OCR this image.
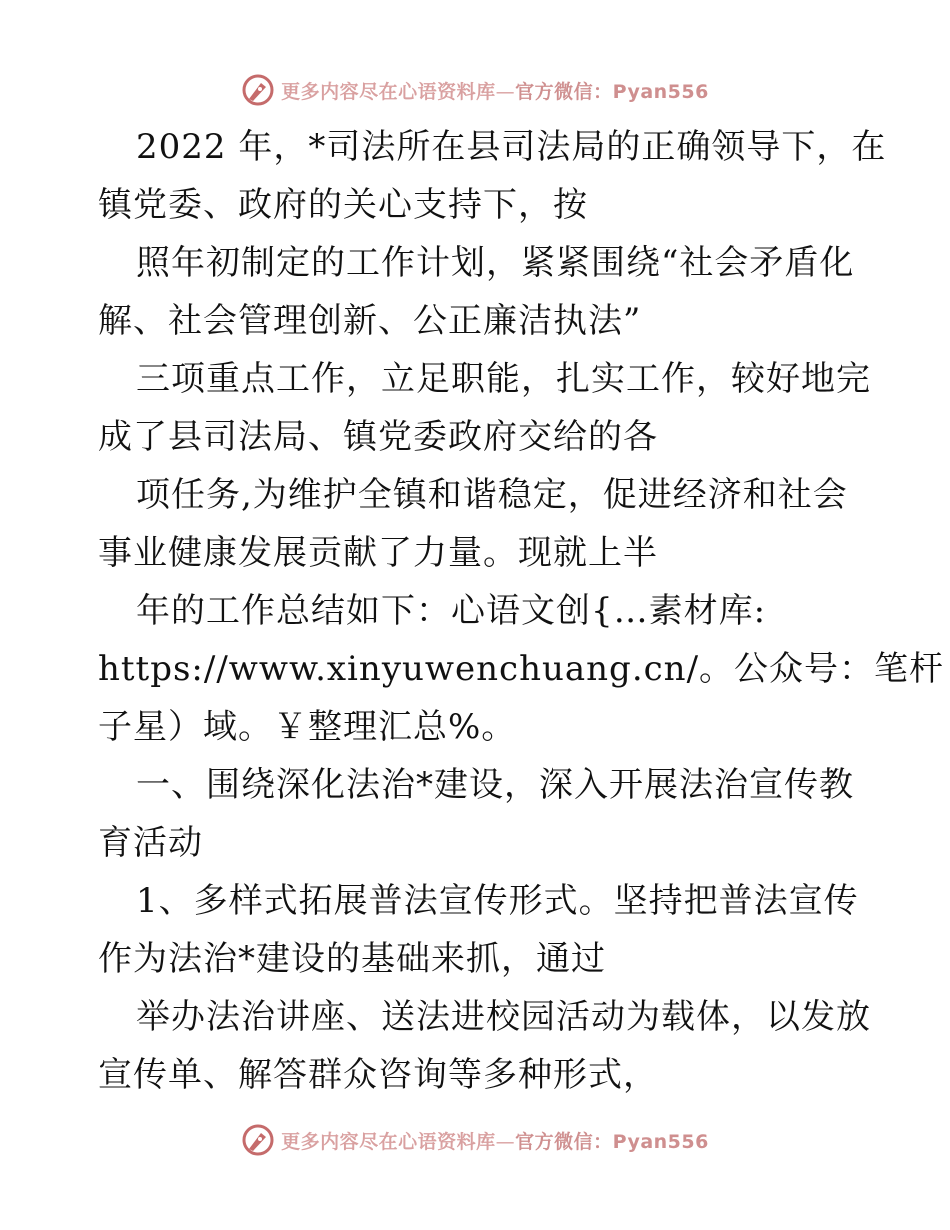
更多内容尽在心语资料库—官方微信：Pyan556
2022 年，*司法所在县司法局的正确领导下，在
镇党委、政府的关心支持下，按
照年初制定的工作计划，紧紧围绕“社会矛盾化
解、社会管理创新、公正廉洁执法”
三项重点工作，立足职能，扎实工作，较好地完
成了县司法局、镇党委政府交给的各
项任务,为维护全镇和谐稳定，促进经济和社会
事业健康发展贡献了力量。现就上半
年的工作总结如下：心语文创{…素材库:
https://www.xinyuwenchuang.cn/。公众号：笔杆
子星）域。￥整理汇总%。
一、围绕深化法治*建设，深入开展法治宣传教
育活动
1、多样式拓展普法宣传形式。坚持把普法宣传
作为法治*建设的基础来抓，通过
举办法治讲座、送法进校园活动为载体，以发放
宣传单、解答群众咨询等多种形式，
更多内容尽在心语资料库—官方微信：Pyan556
